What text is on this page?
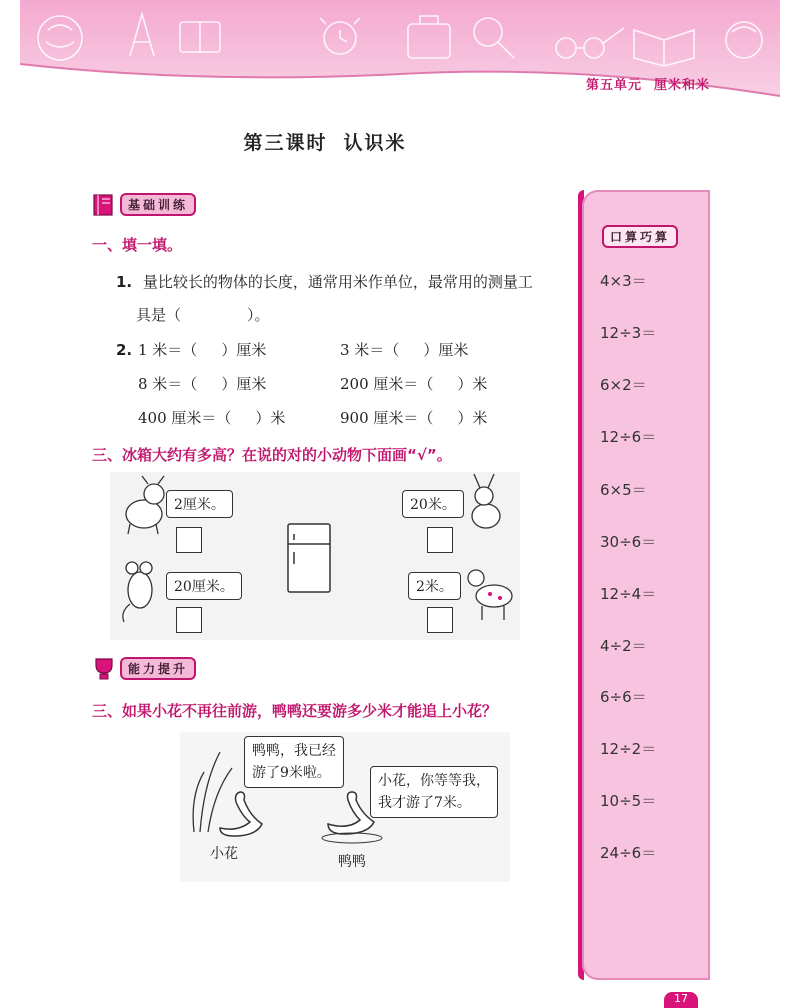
第五单元 厘米和米
第三课时 认识米
基础训练
一、填一填。
1. 量比较长的物体的长度，通常用米作单位，最常用的测量工
具是（	）。
2. 1 米＝（ ）厘米	3 米＝（ ）厘米
8 米＝（ ）厘米	200 厘米＝（ ）米
400 厘米＝（ ）米	900 厘米＝（ ）米
三、冰箱大约有多高？在说的对的小动物下面画“√”。
2厘米。	20米。
20厘米。	2米。
能力提升
三、如果小花不再往前游，鸭鸭还要游多少米才能追上小花？
鸭鸭，我已经
游了9米啦。	小花，你等等我，
我才游了7米。
小花	鸭鸭
口算巧算
4×3＝
12÷3＝
6×2＝
12÷6＝
6×5＝
30÷6＝
12÷4＝
4÷2＝
6÷6＝
12÷2＝
10÷5＝
24÷6＝
17
